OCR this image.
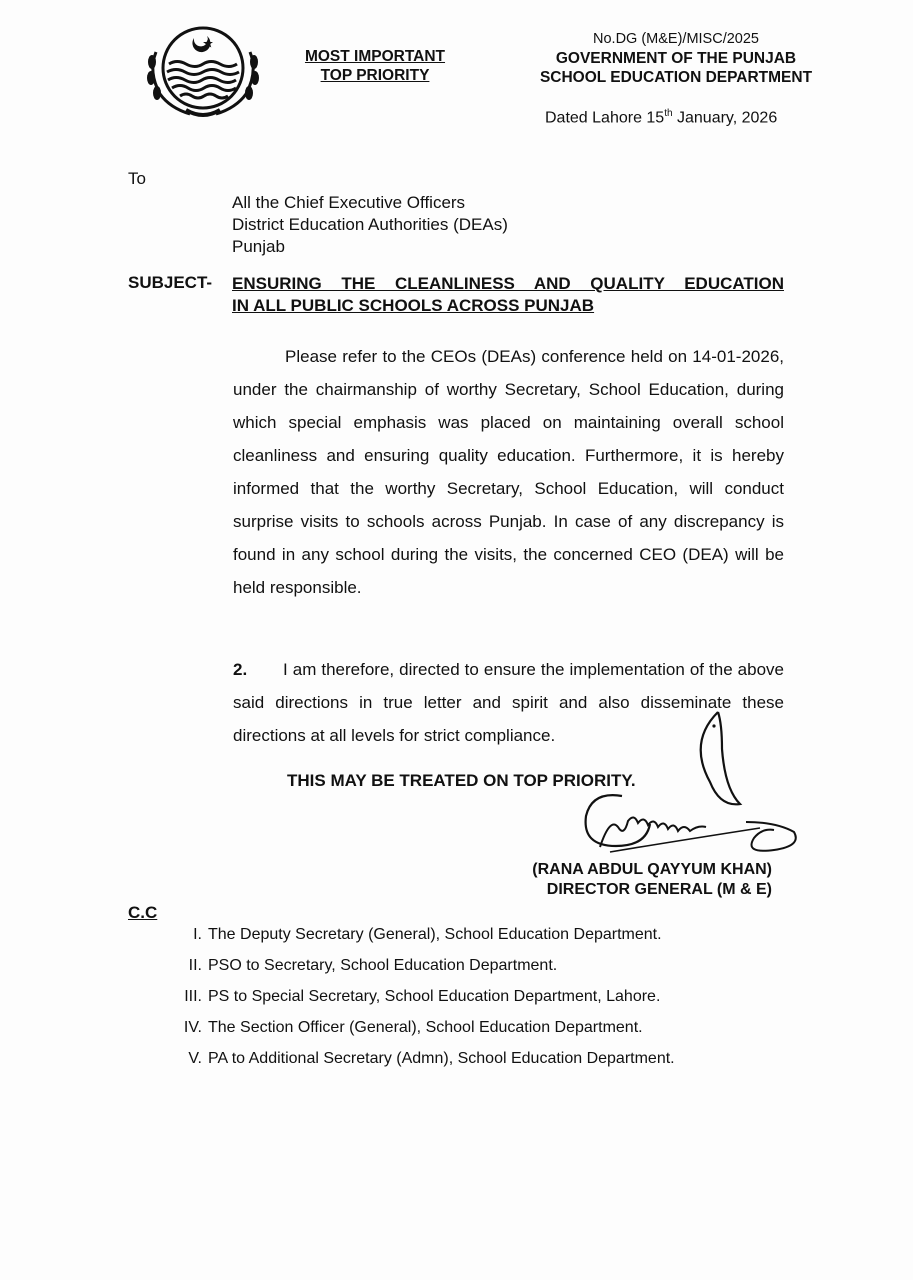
MOST IMPORTANT
TOP PRIORITY
No.DG (M&E)/MISC/2025
GOVERNMENT OF THE PUNJAB
SCHOOL EDUCATION DEPARTMENT
Dated Lahore 15th January, 2026
To
All the Chief Executive Officers
District Education Authorities (DEAs)
Punjab
SUBJECT- ENSURING THE CLEANLINESS AND QUALITY EDUCATION
IN ALL PUBLIC SCHOOLS ACROSS PUNJAB
Please refer to the CEOs (DEAs) conference held on 14-01-2026, under the chairmanship of worthy Secretary, School Education, during which special emphasis was placed on maintaining overall school cleanliness and ensuring quality education. Furthermore, it is hereby informed that the worthy Secretary, School Education, will conduct surprise visits to schools across Punjab. In case of any discrepancy is found in any school during the visits, the concerned CEO (DEA) will be held responsible.
2. I am therefore, directed to ensure the implementation of the above said directions in true letter and spirit and also disseminate these directions at all levels for strict compliance.
THIS MAY BE TREATED ON TOP PRIORITY.
(RANA ABDUL QAYYUM KHAN)
DIRECTOR GENERAL (M & E)
C.C
I. The Deputy Secretary (General), School Education Department.
II. PSO to Secretary, School Education Department.
III. PS to Special Secretary, School Education Department, Lahore.
IV. The Section Officer (General), School Education Department.
V. PA to Additional Secretary (Admn), School Education Department.
